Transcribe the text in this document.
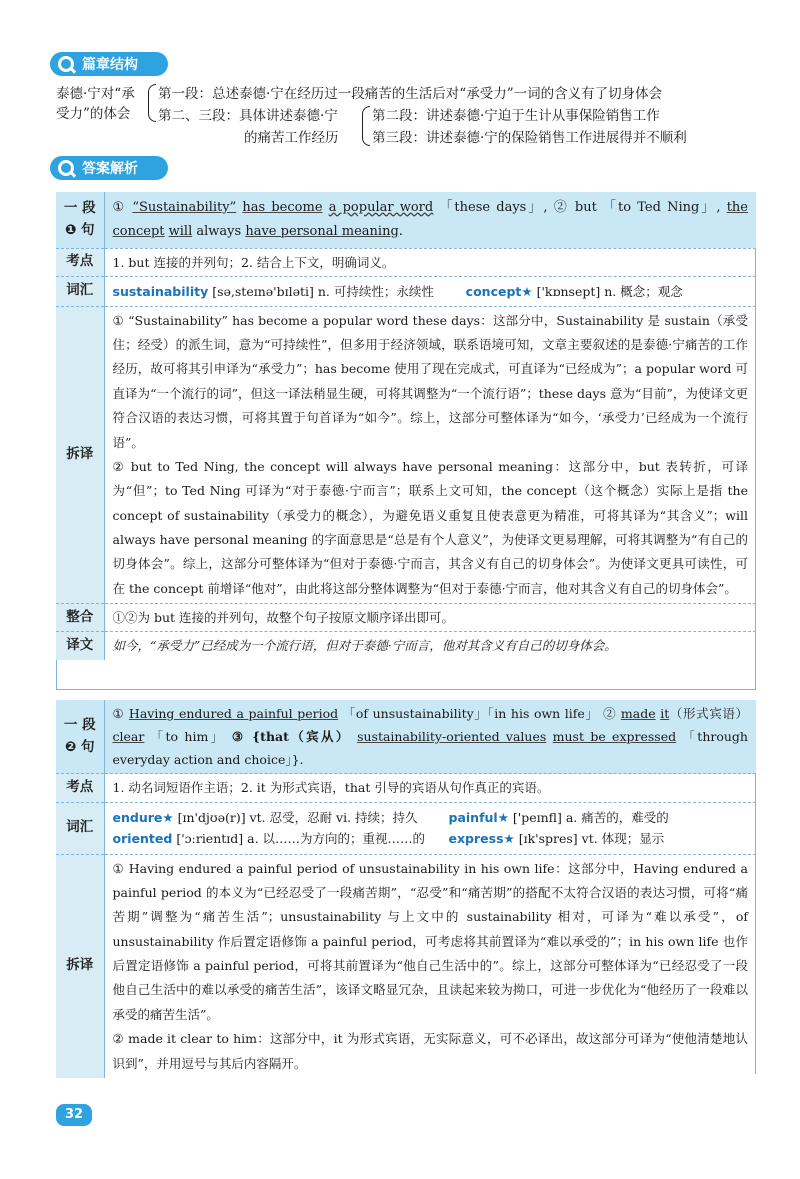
篇章结构
泰德·宁对“承
受力”的体会
第一段：总述泰德·宁在经历过一段痛苦的生活后对“承受力”一词的含义有了切身体会
第二、三段：具体讲述泰德·宁
的痛苦工作经历
第二段：讲述泰德·宁迫于生计从事保险销售工作
第三段：讲述泰德·宁的保险销售工作进展得并不顺利
答案解析
一 段
❶ 句	① “Sustainability” has become a popular word 「these days」, ② but 「to Ted Ning」, the concept will always have personal meaning.
考点	1. but 连接的并列句；2. 结合上下文，明确词义。
词汇	sustainability [sə,steɪnə'bɪləti] n. 可持续性；永续性 concept★ ['kɒnsept] n. 概念；观念
拆译	① “Sustainability” has become a popular word these days：这部分中，Sustainability 是 sustain（承受住；经受）的派生词，意为“可持续性”，但多用于经济领域，联系语境可知，文章主要叙述的是泰德·宁痛苦的工作经历，故可将其引申译为“承受力”；has become 使用了现在完成式，可直译为“已经成为”；a popular word 可直译为“一个流行的词”，但这一译法稍显生硬，可将其调整为“一个流行语”；these days 意为“目前”，为使译文更符合汉语的表达习惯，可将其置于句首译为“如今”。综上，这部分可整体译为“如今，‘承受力’已经成为一个流行语”。
② but to Ted Ning, the concept will always have personal meaning：这部分中，but 表转折，可译为“但”；to Ted Ning 可译为“对于泰德·宁而言”；联系上文可知，the concept（这个概念）实际上是指 the concept of sustainability（承受力的概念），为避免语义重复且使表意更为精准，可将其译为“其含义”；will always have personal meaning 的字面意思是“总是有个人意义”，为使译文更易理解，可将其调整为“有自己的切身体会”。综上，这部分可整体译为“但对于泰德·宁而言，其含义有自己的切身体会”。为使译文更具可读性，可在 the concept 前增译“他对”，由此将这部分整体调整为“但对于泰德·宁而言，他对其含义有自己的切身体会”。

整合	①②为 but 连接的并列句，故整个句子按原文顺序译出即可。
译文	如今，“承受力”已经成为一个流行语，但对于泰德·宁而言，他对其含义有自己的切身体会。
一 段
❷ 句	① Having endured a painful period 「of unsustainability」「in his own life」 ② made it（形式宾语） clear 「to him」 ③ {that（宾从） sustainability-oriented values must be expressed 「through everyday action and choice」}.
考点	1. 动名词短语作主语；2. it 为形式宾语，that 引导的宾语从句作真正的宾语。
词汇	endure★ [ɪn'djʊə(r)] vt. 忍受，忍耐 vi. 持续；持久 painful★ ['peɪnfl] a. 痛苦的，难受的
oriented ['ɔːrientɪd] a. 以……为方向的；重视……的 express★ [ɪk'spres] vt. 体现；显示

拆译	① Having endured a painful period of unsustainability in his own life：这部分中，Having endured a painful period 的本义为“已经忍受了一段痛苦期”，“忍受”和“痛苦期”的搭配不太符合汉语的表达习惯，可将“痛苦期”调整为“痛苦生活”；unsustainability 与上文中的 sustainability 相对，可译为“难以承受”，of unsustainability 作后置定语修饰 a painful period，可考虑将其前置译为“难以承受的”；in his own life 也作后置定语修饰 a painful period，可将其前置译为“他自己生活中的”。综上，这部分可整体译为“已经忍受了一段他自己生活中的难以承受的痛苦生活”，该译文略显冗杂，且读起来较为拗口，可进一步优化为“他经历了一段难以承受的痛苦生活”。
② made it clear to him：这部分中，it 为形式宾语，无实际意义，可不必译出，故这部分可译为“使他清楚地认识到”，并用逗号与其后内容隔开。
32
